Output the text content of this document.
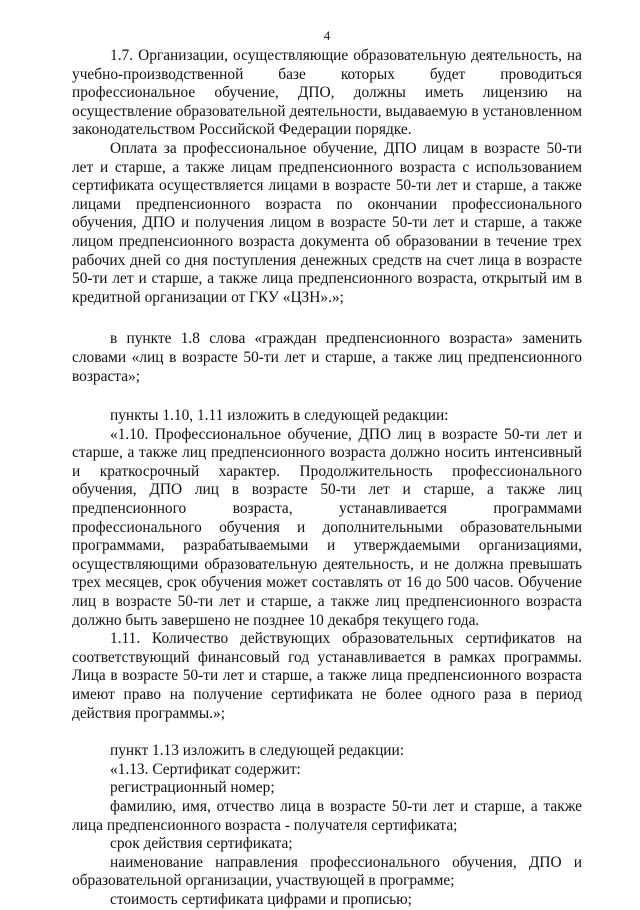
4

1.7. Организации, осуществляющие образовательную деятельность, на учебно-производственной базе которых будет проводиться профессиональное обучение, ДПО, должны иметь лицензию на осуществление образовательной деятельности, выдаваемую в установленном законодательством Российской Федерации порядке.

Оплата за профессиональное обучение, ДПО лицам в возрасте 50-ти лет и старше, а также лицам предпенсионного возраста с использованием сертификата осуществляется лицами в возрасте 50-ти лет и старше, а также лицами предпенсионного возраста по окончании профессионального обучения, ДПО и получения лицом в возрасте 50-ти лет и старше, а также лицом предпенсионного возраста документа об образовании в течение трех рабочих дней со дня поступления денежных средств на счет лица в возрасте 50-ти лет и старше, а также лица предпенсионного возраста, открытый им в кредитной организации от ГКУ «ЦЗН».»;

в пункте 1.8 слова «граждан предпенсионного возраста» заменить словами «лиц в возрасте 50-ти лет и старше, а также лиц предпенсионного возраста»;

пункты 1.10, 1.11 изложить в следующей редакции:

«1.10. Профессиональное обучение, ДПО лиц в возрасте 50-ти лет и старше, а также лиц предпенсионного возраста должно носить интенсивный и краткосрочный характер. Продолжительность профессионального обучения, ДПО лиц в возрасте 50-ти лет и старше, а также лиц предпенсионного возраста, устанавливается программами профессионального обучения и дополнительными образовательными программами, разрабатываемыми и утверждаемыми организациями, осуществляющими образовательную деятельность, и не должна превышать трех месяцев, срок обучения может составлять от 16 до 500 часов. Обучение лиц в возрасте 50-ти лет и старше, а также лиц предпенсионного возраста должно быть завершено не позднее 10 декабря текущего года.

1.11. Количество действующих образовательных сертификатов на соответствующий финансовый год устанавливается в рамках программы. Лица в возрасте 50-ти лет и старше, а также лица предпенсионного возраста имеют право на получение сертификата не более одного раза в период действия программы.»;

пункт 1.13 изложить в следующей редакции:

«1.13. Сертификат содержит:

регистрационный номер;

фамилию, имя, отчество лица в возрасте 50-ти лет и старше, а также лица предпенсионного возраста - получателя сертификата;

срок действия сертификата;

наименование направления профессионального обучения, ДПО и образовательной организации, участвующей в программе;

стоимость сертификата цифрами и прописью;
